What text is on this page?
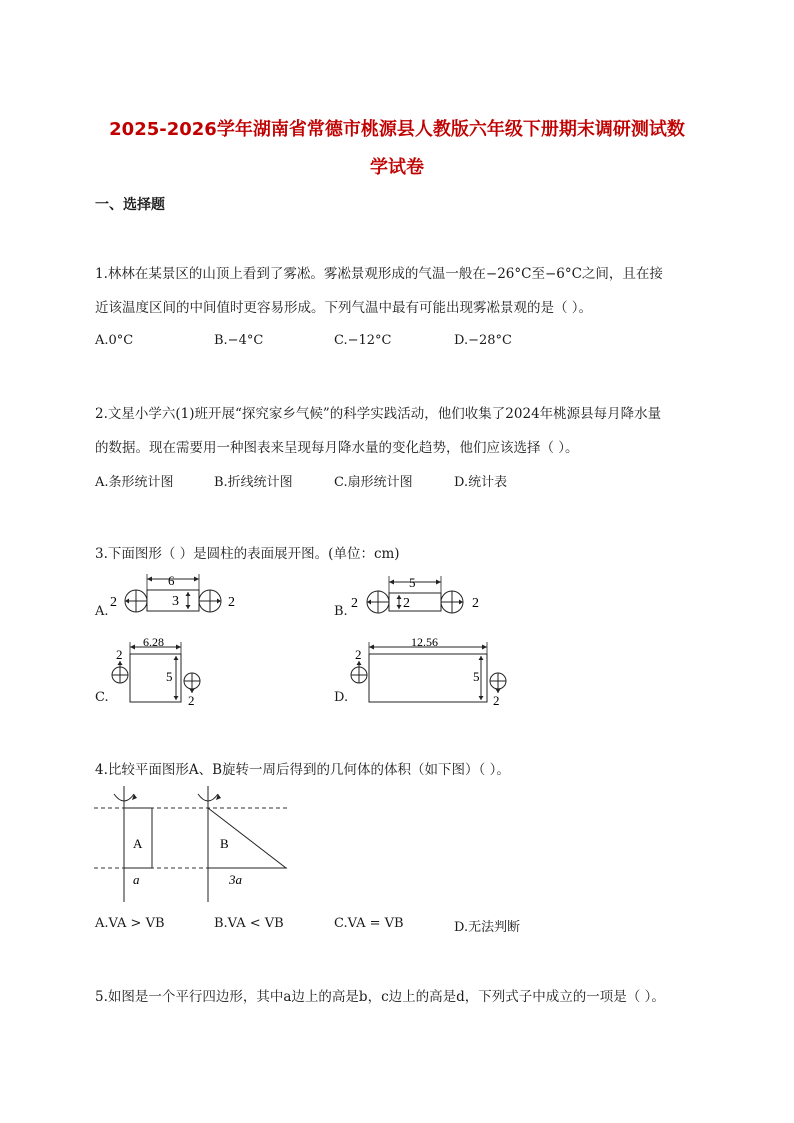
2025-2026学年湖南省常德市桃源县人教版六年级下册期末调研测试数
学试卷
一、选择题
1.林林在某景区的山顶上看到了雾凇。雾凇景观形成的气温一般在−26°C至−6°C之间，且在接
近该温度区间的中间值时更容易形成。下列气温中最有可能出现雾凇景观的是（ ）。
A.0°C	B.−4°C	C.−12°C	D.−28°C
2.文星小学六(1)班开展“探究家乡气候”的科学实践活动，他们收集了2024年桃源县每月降水量
的数据。现在需要用一种图表来呈现每月降水量的变化趋势，他们应该选择（ ）。
A.条形统计图	B.折线统计图	C.扇形统计图	D.统计表
3.下面图形（ ）是圆柱的表面展开图。(单位：cm)
A.
6
3
2	2
B.
5
2
2	2
C.
6.28
5
2
2	D.
12.56
5
2
2
4.比较平面图形A、B旋转一周后得到的几何体的体积（如下图）（ ）。
A
a
B
3a
A.VA > VB	B.VA < VB	C.VA = VB	D.无法判断
5.如图是一个平行四边形，其中a边上的高是b，c边上的高是d，下列式子中成立的一项是（ ）。
